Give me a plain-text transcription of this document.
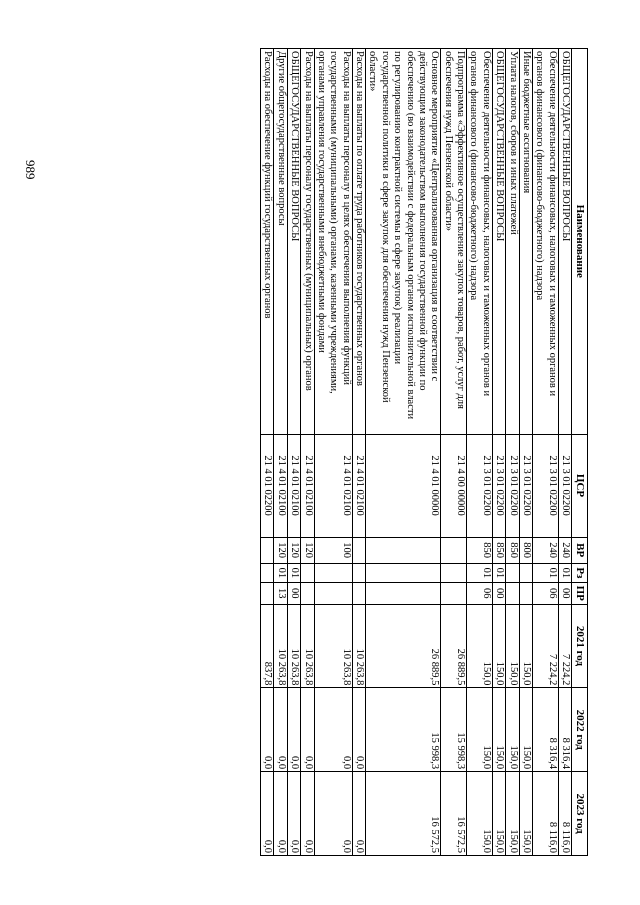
989
Наименование	ЦСР	ВР	Рз	ПР	2021 год	2022 год	2023 год
ОБЩЕГОСУДАРСТВЕННЫЕ ВОПРОСЫ	21 3 01 02200	240	01	00	7 224,2	8 316,4	8 116,0
Обеспечение деятельности финансовых, налоговых и таможенных органов и органов финансового (финансово-бюджетного) надзора	21 3 01 02200	240	01	06	7 224,2	8 316,4	8 116,0
Иные бюджетные ассигнования	21 3 01 02200	800			150,0	150,0	150,0
Уплата налогов, сборов и иных платежей	21 3 01 02200	850			150,0	150,0	150,0
ОБЩЕГОСУДАРСТВЕННЫЕ ВОПРОСЫ	21 3 01 02200	850	01	00	150,0	150,0	150,0
Обеспечение деятельности финансовых, налоговых и таможенных органов и органов финансового (финансово-бюджетного) надзора	21 3 01 02200	850	01	06	150,0	150,0	150,0
Подпрограмма «Эффективное осуществление закупок товаров, работ, услуг для обеспечения нужд Пензенской области»	21 4 00 00000				26 889,5	15 998,3	16 572,5
Основное мероприятие «Централизованная организация в соответствии с действующим законодательством выполнения государственной функции по обеспечению (во взаимодействии с федеральным органом исполнительной власти по регулированию контрактной системы в сфере закупок) реализации государственной политики в сфере закупок для обеспечения нужд Пензенской области»	21 4 01 00000				26 889,5	15 998,3	16 572,5
Расходы на выплаты по оплате труда работников государственных органов	21 4 01 02100				10 263,8	0,0	0,0
Расходы на выплаты персоналу в целях обеспечения выполнения функций государственными (муниципальными) органами, казенными учреждениями, органами управления государственными внебюджетными фондами	21 4 01 02100	100			10 263,8	0,0	0,0
Расходы на выплаты персоналу государственных (муниципальных) органов	21 4 01 02100	120			10 263,8	0,0	0,0
ОБЩЕГОСУДАРСТВЕННЫЕ ВОПРОСЫ	21 4 01 02100	120	01	00	10 263,8	0,0	0,0
Другие общегосударственные вопросы	21 4 01 02100	120	01	13	10 263,8	0,0	0,0
Расходы на обеспечение функций государственных органов	21 4 01 02200				837,8	0,0	0,0
